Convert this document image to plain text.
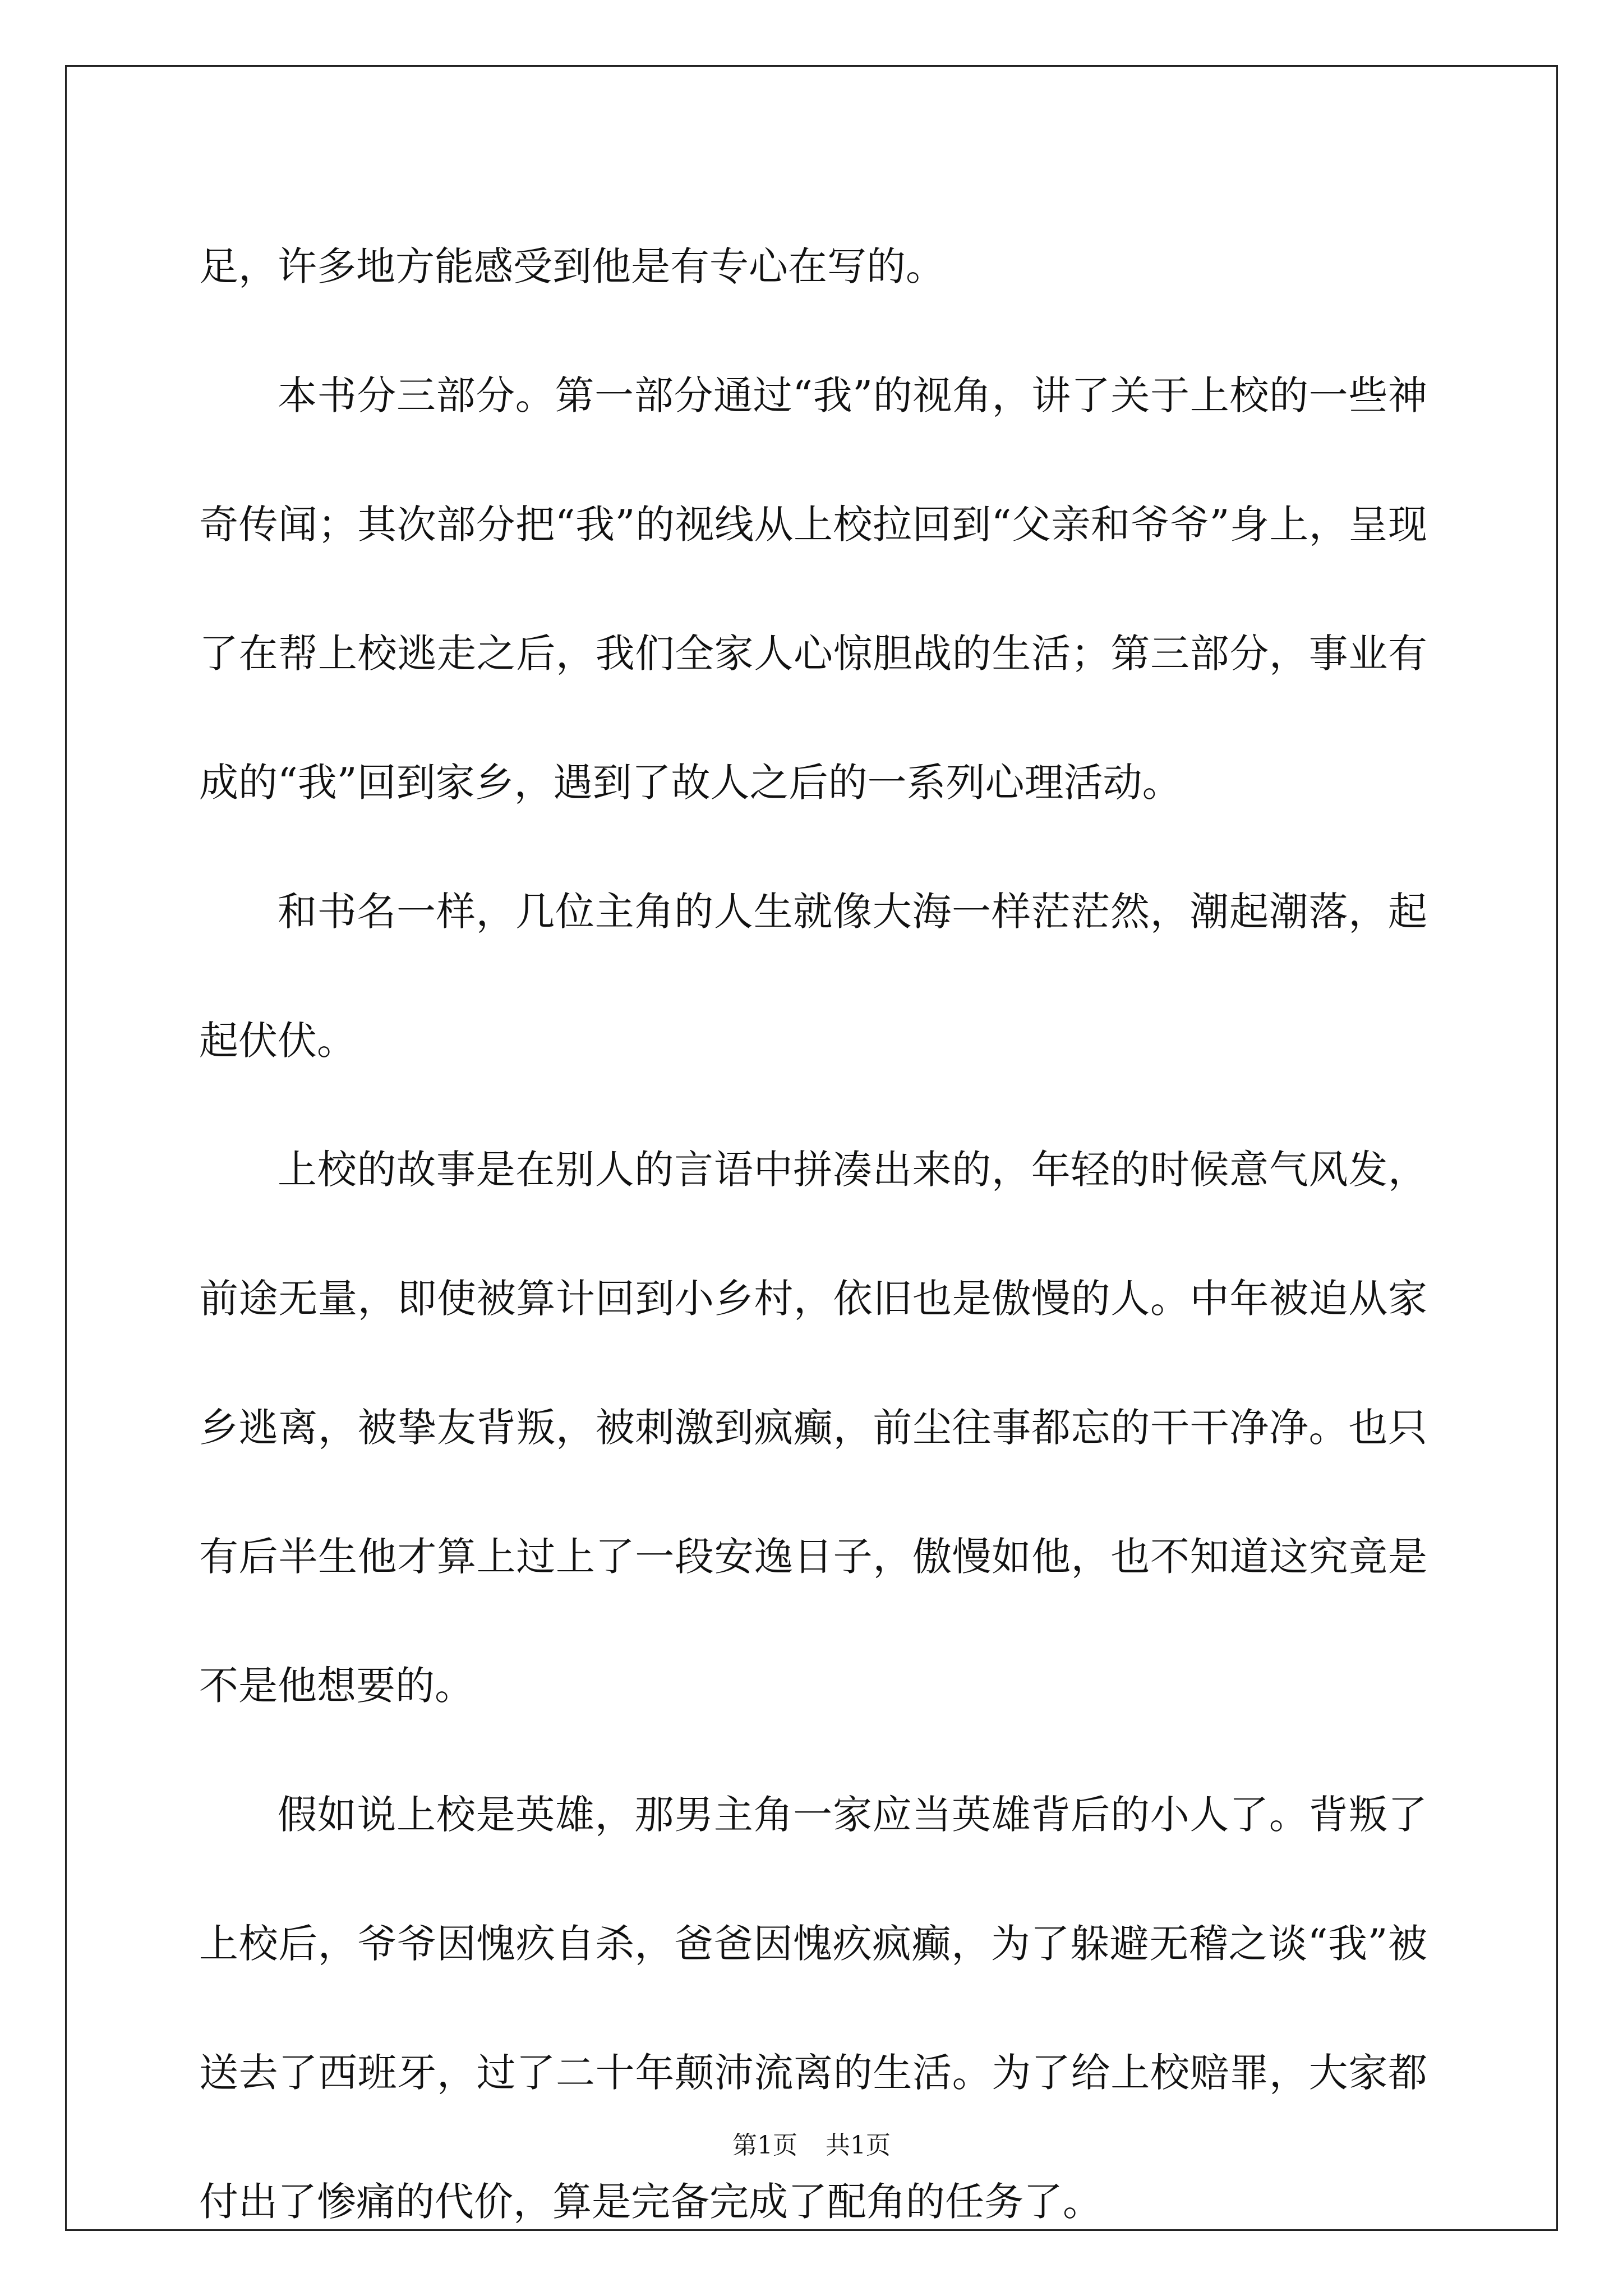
足，许多地方能感受到他是有专心在写的。

本书分三部分。第一部分通过“我”的视角，讲了关于上校的一些神奇传闻；其次部分把“我”的视线从上校拉回到“父亲和爷爷”身上，呈现了在帮上校逃走之后，我们全家人心惊胆战的生活；第三部分，事业有成的“我”回到家乡，遇到了故人之后的一系列心理活动。

和书名一样，几位主角的人生就像大海一样茫茫然，潮起潮落，起起伏伏。

上校的故事是在别人的言语中拼凑出来的，年轻的时候意气风发，前途无量，即使被算计回到小乡村，依旧也是傲慢的人。中年被迫从家乡逃离，被挚友背叛，被刺激到疯癫，前尘往事都忘的干干净净。也只有后半生他才算上过上了一段安逸日子，傲慢如他，也不知道这究竟是不是他想要的。

假如说上校是英雄，那男主角一家应当英雄背后的小人了。背叛了上校后，爷爷因愧疚自杀，爸爸因愧疚疯癫，为了躲避无稽之谈“我”被送去了西班牙，过了二十年颠沛流离的生活。为了给上校赔罪，大家都付出了惨痛的代价，算是完备完成了配角的任务了。

第1页 共1页
